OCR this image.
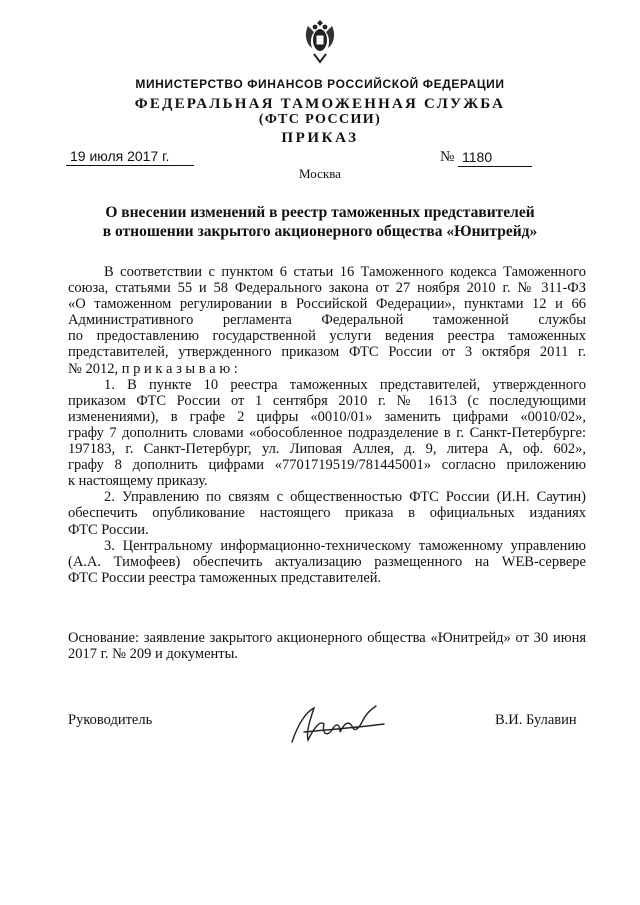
МИНИСТЕРСТВО ФИНАНСОВ РОССИЙСКОЙ ФЕДЕРАЦИИ
ФЕДЕРАЛЬНАЯ ТАМОЖЕННАЯ СЛУЖБА
(ФТС РОССИИ)
ПРИКАЗ
19 июля 2017 г.	№ 1180
Москва
О внесении изменений в реестр таможенных представителей
в отношении закрытого акционерного общества «Юнитрейд»
В соответствии с пунктом 6 статьи 16 Таможенного кодекса Таможенного
союза, статьями 55 и 58 Федерального закона от 27 ноября 2010 г. № 311-ФЗ
«О таможенном регулировании в Российской Федерации», пунктами 12 и 66
Административного регламента Федеральной таможенной службы
по предоставлению государственной услуги ведения реестра таможенных
представителей, утвержденного приказом ФТС России от 3 октября 2011 г.
№ 2012, п р и к а з ы в а ю :
1. В пункте 10 реестра таможенных представителей, утвержденного
приказом ФТС России от 1 сентября 2010 г. № 1613 (с последующими
изменениями), в графе 2 цифры «0010/01» заменить цифрами «0010/02»,
графу 7 дополнить словами «обособленное подразделение в г. Санкт-Петербурге:
197183, г. Санкт-Петербург, ул. Липовая Аллея, д. 9, литера А, оф. 602»,
графу 8 дополнить цифрами «7701719519/781445001» согласно приложению
к настоящему приказу.
2. Управлению по связям с общественностью ФТС России (И.Н. Саутин)
обеспечить опубликование настоящего приказа в официальных изданиях
ФТС России.
3. Центральному информационно-техническому таможенному управлению
(А.А. Тимофеев) обеспечить актуализацию размещенного на WEB-сервере
ФТС России реестра таможенных представителей.
Основание: заявление закрытого акционерного общества «Юнитрейд» от 30 июня
2017 г. № 209 и документы.
Руководитель	В.И. Булавин
